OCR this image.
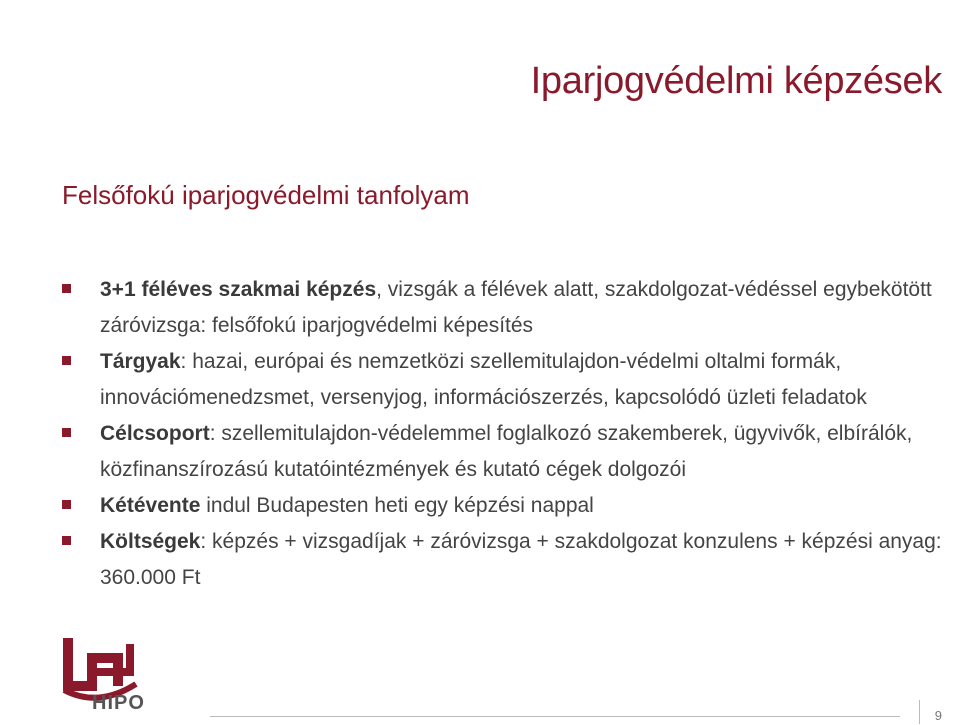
Iparjogvédelmi képzések
Felsőfokú iparjogvédelmi tanfolyam
3+1 féléves szakmai képzés, vizsgák a félévek alatt, szakdolgozat-védéssel egybekötött záróvizsga: felsőfokú iparjogvédelmi képesítés
Tárgyak: hazai, európai és nemzetközi szellemitulajdon-védelmi oltalmi formák, innovációmenedzsmet, versenyjog, információszerzés, kapcsolódó üzleti feladatok
Célcsoport: szellemitulajdon-védelemmel foglalkozó szakemberek, ügyvivők, elbírálók, közfinanszírozású kutatóintézmények és kutató cégek dolgozói
Kétévente indul Budapesten heti egy képzési nappal
Költségek: képzés + vizsgadíjak + záróvizsga + szakdolgozat konzulens + képzési anyag: 360.000 Ft
HIPO
9
